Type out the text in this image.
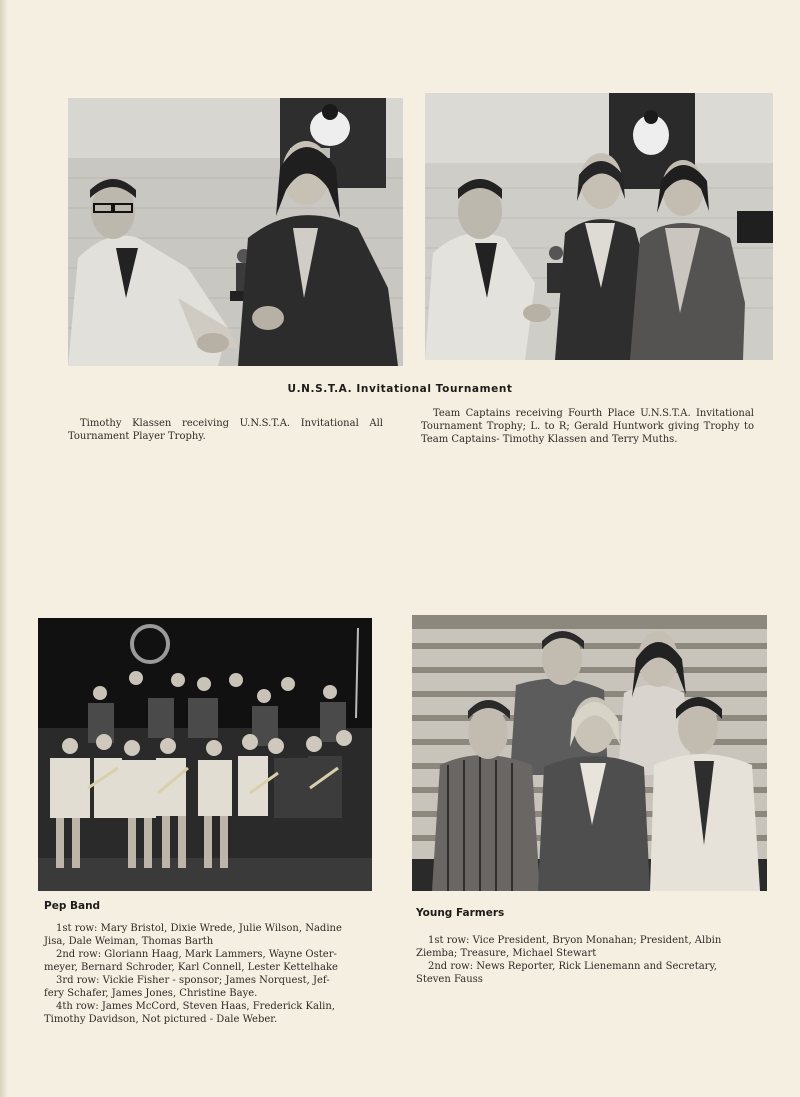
U.N.S.T.A. Invitational Tournament
Timothy Klassen receiving U.N.S.T.A. Invitational All Tournament Player Trophy.
Team Captains receiving Fourth Place U.N.S.T.A. Invitational Tournament Trophy; L. to R; Gerald Huntwork giving Trophy to Team Captains- Timothy Klassen and Terry Muths.
Pep Band
1st row: Mary Bristol, Dixie Wrede, Julie Wilson, Nadine
Jisa, Dale Weiman, Thomas Barth
2nd row: Gloriann Haag, Mark Lammers, Wayne Oster-
meyer, Bernard Schroder, Karl Connell, Lester Kettelhake
3rd row: Vickie Fisher - sponsor; James Norquest, Jef-
fery Schafer, James Jones, Christine Baye.
4th row: James McCord, Steven Haas, Frederick Kalin,
Timothy Davidson, Not pictured - Dale Weber.
Young Farmers
1st row: Vice President, Bryon Monahan; President, Albin
Ziemba; Treasure, Michael Stewart
2nd row: News Reporter, Rick Lienemann and Secretary,
Steven Fauss
